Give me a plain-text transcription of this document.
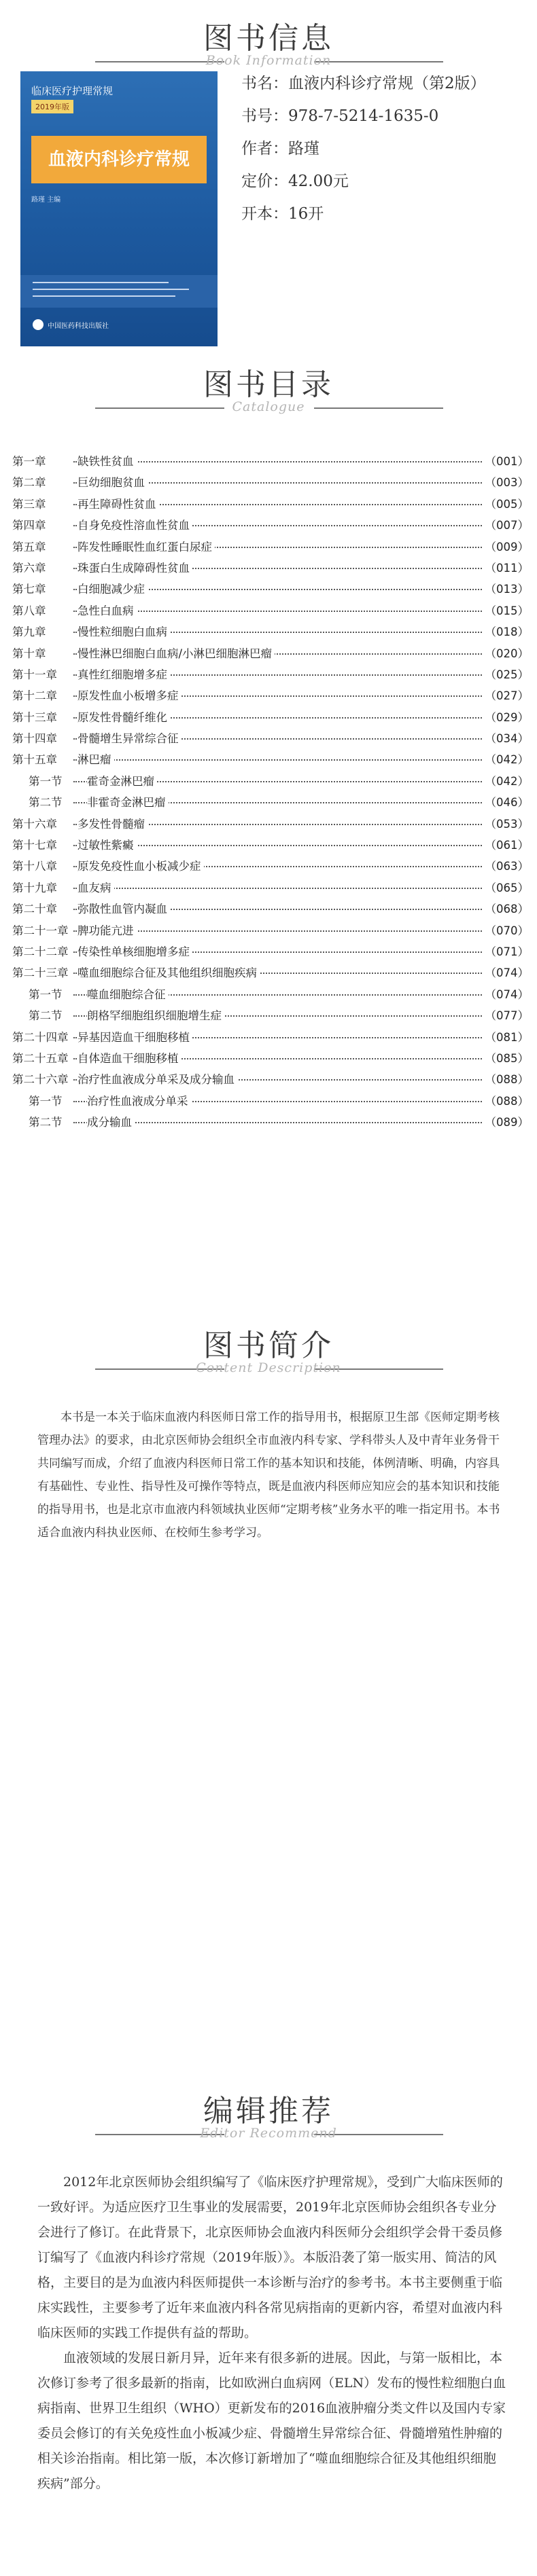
图书信息
Book Information
临床医疗护理常规
2019年版
血液内科诊疗常规
路瑾 主编
中国医药科技出版社
书名：血液内科诊疗常规（第2版）
书号：978-7-5214-1635-0
作者：路瑾
定价：42.00元
开本：16开
图书目录
Catalogue
第一章	缺铁性贫血	（001）
第二章	巨幼细胞贫血	（003）
第三章	再生障碍性贫血	（005）
第四章	自身免疫性溶血性贫血	（007）
第五章	阵发性睡眠性血红蛋白尿症	（009）
第六章	珠蛋白生成障碍性贫血	（011）
第七章	白细胞减少症	（013）
第八章	急性白血病	（015）
第九章	慢性粒细胞白血病	（018）
第十章	慢性淋巴细胞白血病/小淋巴细胞淋巴瘤	（020）
第十一章 真性红细胞增多症	（025）
第十二章 原发性血小板增多症	（027）
第十三章 原发性骨髓纤维化	（029）
第十四章 骨髓增生异常综合征	（034）
第十五章 淋巴瘤	（042）
第一节 霍奇金淋巴瘤	（042）
第二节 非霍奇金淋巴瘤	（046）
第十六章 多发性骨髓瘤	（053）
第十七章 过敏性紫癜	（061）
第十八章 原发免疫性血小板减少症	（063）
第十九章 血友病	（065）
第二十章 弥散性血管内凝血	（068）
第二十一章 脾功能亢进	（070）
第二十二章 传染性单核细胞增多症	（071）
第二十三章 噬血细胞综合征及其他组织细胞疾病	（074）
第一节 噬血细胞综合征	（074）
第二节 朗格罕细胞组织细胞增生症	（077）
第二十四章 异基因造血干细胞移植	（081）
第二十五章 自体造血干细胞移植	（085）
第二十六章 治疗性血液成分单采及成分输血	（088）
第一节 治疗性血液成分单采	（088）
第二节 成分输血	（089）
图书简介
Content Description
本书是一本关于临床血液内科医师日常工作的指导用书，根据原卫生部《医师定期考核管理办法》的要求，由北京医师协会组织全市血液内科专家、学科带头人及中青年业务骨干共同编写而成，介绍了血液内科医师日常工作的基本知识和技能，体例清晰、明确，内容具有基础性、专业性、指导性及可操作等特点，既是血液内科医师应知应会的基本知识和技能的指导用书，也是北京市血液内科领域执业医师“定期考核”业务水平的唯一指定用书。本书适合血液内科执业医师、在校师生参考学习。
编辑推荐
Editor Recommend

2012年北京医师协会组织编写了《临床医疗护理常规》，受到广大临床医师的一致好评。为适应医疗卫生事业的发展需要，2019年北京医师协会组织各专业分会进行了修订。在此背景下，北京医师协会血液内科医师分会组织学会骨干委员修订编写了《血液内科诊疗常规（2019年版）》。本版沿袭了第一版实用、简洁的风格，主要目的是为血液内科医师提供一本诊断与治疗的参考书。本书主要侧重于临床实践性，主要参考了近年来血液内科各常见病指南的更新内容，希望对血液内科临床医师的实践工作提供有益的帮助。

血液领域的发展日新月异，近年来有很多新的进展。因此，与第一版相比，本次修订参考了很多最新的指南，比如欧洲白血病网（ELN）发布的慢性粒细胞白血病指南、世界卫生组织（WHO）更新发布的2016血液肿瘤分类文件以及国内专家委员会修订的有关免疫性血小板减少症、骨髓增生异常综合征、骨髓增殖性肿瘤的相关诊治指南。相比第一版，本次修订新增加了“噬血细胞综合征及其他组织细胞疾病”部分。
